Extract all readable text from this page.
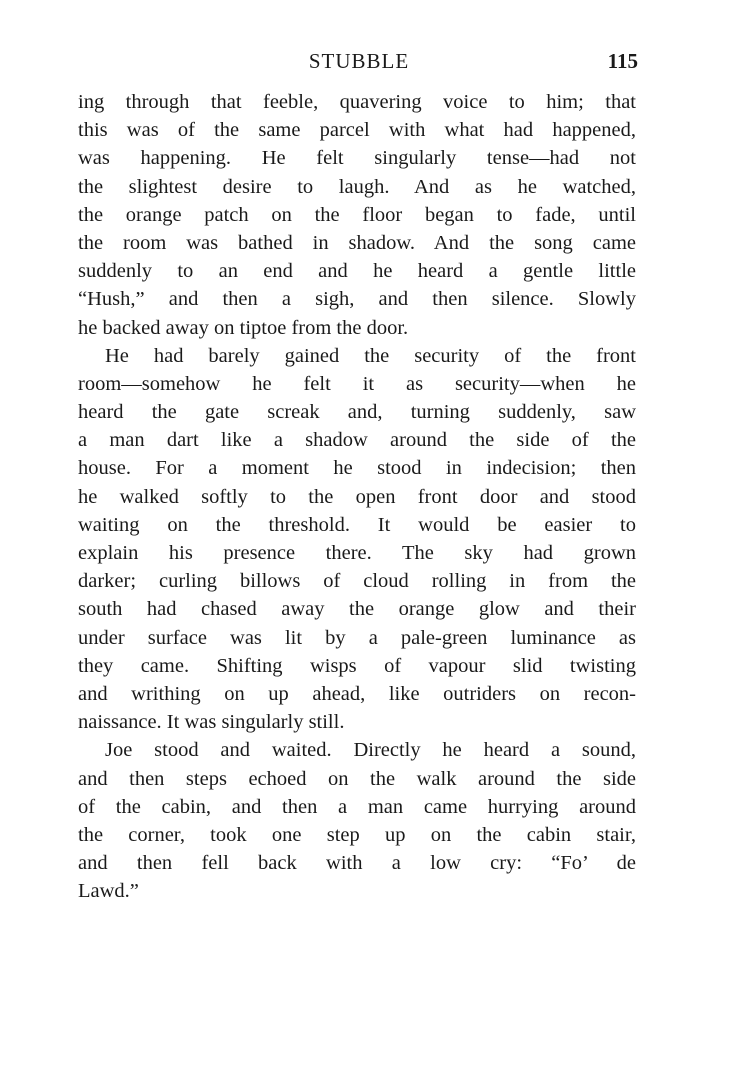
STUBBLE	115
ing through that feeble, quavering voice to him; that
this was of the same parcel with what had happened,
was happening. He felt singularly tense—had not
the slightest desire to laugh. And as he watched,
the orange patch on the floor began to fade, until
the room was bathed in shadow. And the song came
suddenly to an end and he heard a gentle little
“Hush,” and then a sigh, and then silence. Slowly
he backed away on tiptoe from the door.
He had barely gained the security of the front
room—somehow he felt it as security—when he
heard the gate screak and, turning suddenly, saw
a man dart like a shadow around the side of the
house. For a moment he stood in indecision; then
he walked softly to the open front door and stood
waiting on the threshold. It would be easier to
explain his presence there. The sky had grown
darker; curling billows of cloud rolling in from the
south had chased away the orange glow and their
under surface was lit by a pale-green luminance as
they came. Shifting wisps of vapour slid twisting
and writhing on up ahead, like outriders on recon-
naissance. It was singularly still.
Joe stood and waited. Directly he heard a sound,
and then steps echoed on the walk around the side
of the cabin, and then a man came hurrying around
the corner, took one step up on the cabin stair,
and then fell back with a low cry: “Fo’ de
Lawd.”
